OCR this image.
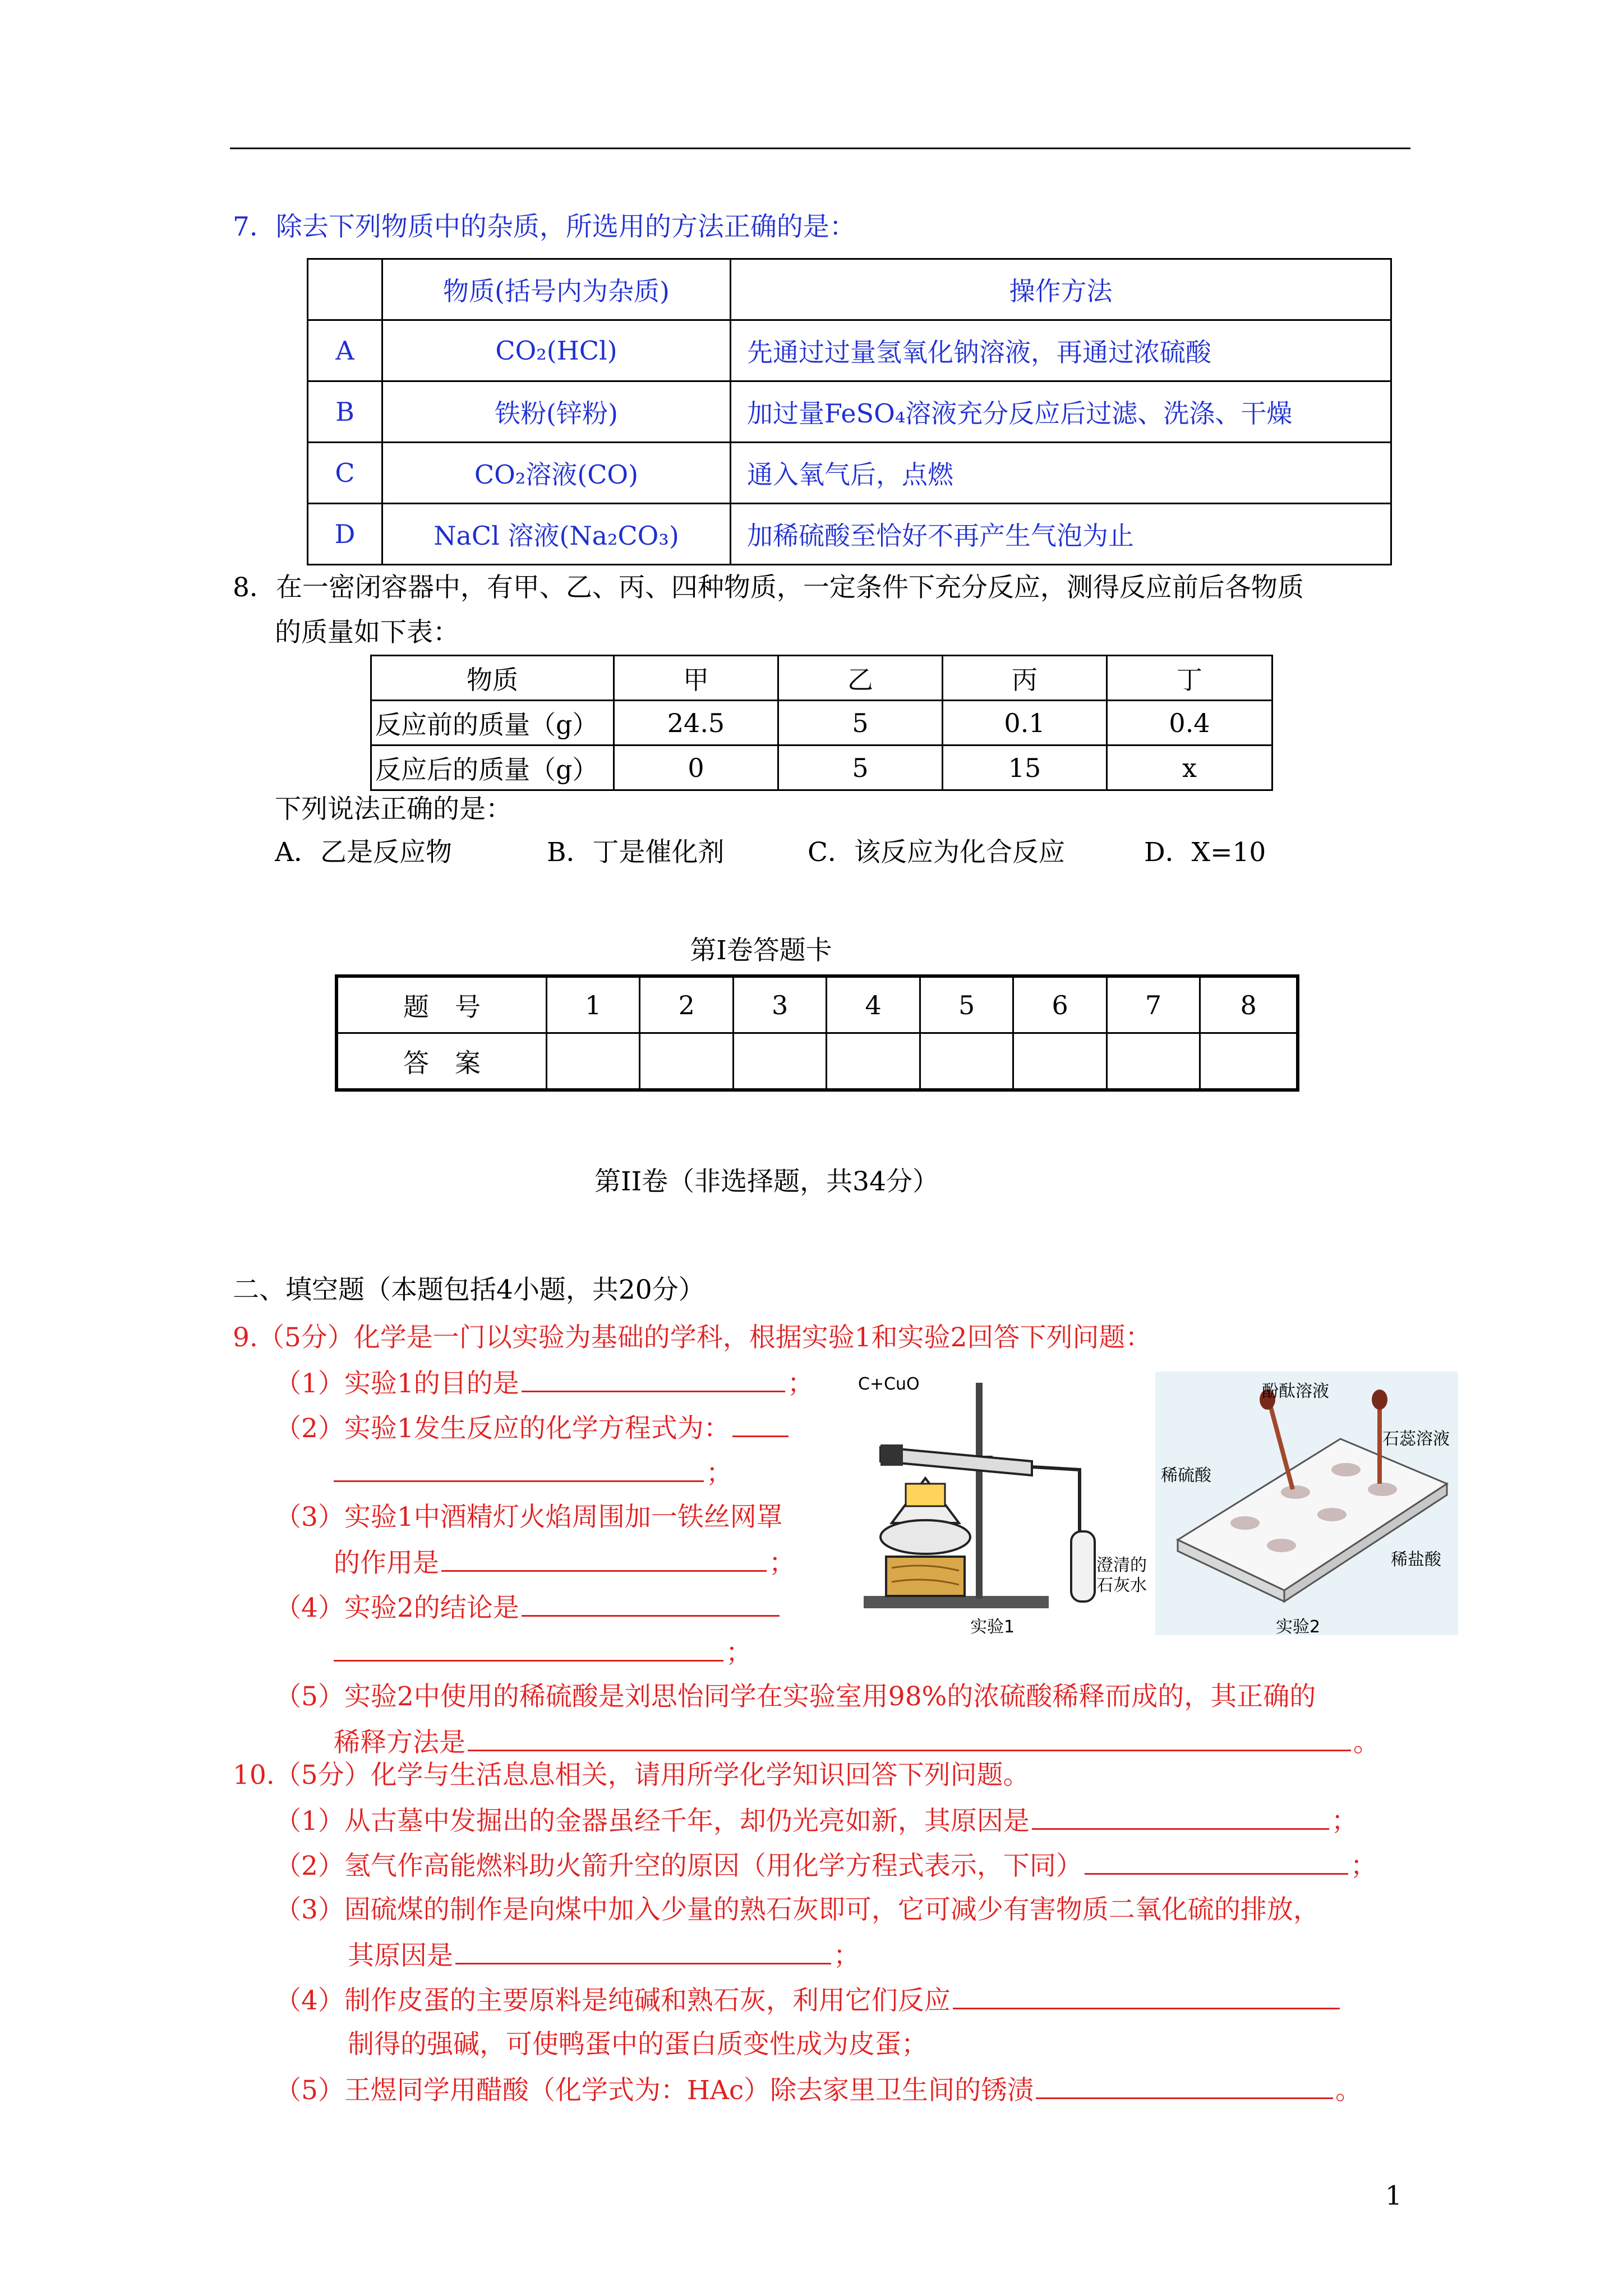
7．除去下列物质中的杂质，所选用的方法正确的是：
	物质(括号内为杂质)	操作方法
A	CO₂(HCl)	先通过过量氢氧化钠溶液，再通过浓硫酸
B	铁粉(锌粉)	加过量FeSO₄溶液充分反应后过滤、洗涤、干燥
C	CO₂溶液(CO)	通入氧气后，点燃
D	NaCl 溶液(Na₂CO₃)	加稀硫酸至恰好不再产生气泡为止
8．在一密闭容器中，有甲、乙、丙、四种物质，一定条件下充分反应，测得反应前后各物质
的质量如下表：
物质	甲	乙	丙	丁
反应前的质量（g）	24.5	5	0.1	0.4
反应后的质量（g）	0	5	15	x
下列说法正确的是：
A．乙是反应物	B．丁是催化剂	C．该反应为化合反应	D．X=10
第Ⅰ卷答题卡
题　号	1	2	3	4	5	6	7	8
答　案								
第II卷（非选择题，共34分）
二、填空题（本题包括4小题，共20分）
9.（5分）化学是一门以实验为基础的学科，根据实验1和实验2回答下列问题：
（1）实验1的目的是	；
（2）实验1发生反应的化学方程式为：
；
（3）实验1中酒精灯火焰周围加一铁丝网罩
的作用是	；
（4）实验2的结论是
；
（5）实验2中使用的稀硫酸是刘思怡同学在实验室用98%的浓硫酸稀释而成的，其正确的
稀释方法是	。
C+CuO
澄清的
石灰水
实验1
酚酞溶液
石蕊溶液
稀硫酸
稀盐酸
实验2
10.（5分）化学与生活息息相关，请用所学化学知识回答下列问题。
（1）从古墓中发掘出的金器虽经千年，却仍光亮如新，其原因是	；
（2）氢气作高能燃料助火箭升空的原因（用化学方程式表示，下同）	；
（3）固硫煤的制作是向煤中加入少量的熟石灰即可，它可减少有害物质二氧化硫的排放，
其原因是	；
（4）制作皮蛋的主要原料是纯碱和熟石灰，利用它们反应
制得的强碱，可使鸭蛋中的蛋白质变性成为皮蛋；
（5）王煜同学用醋酸（化学式为：HAc）除去家里卫生间的锈渍	。
1
